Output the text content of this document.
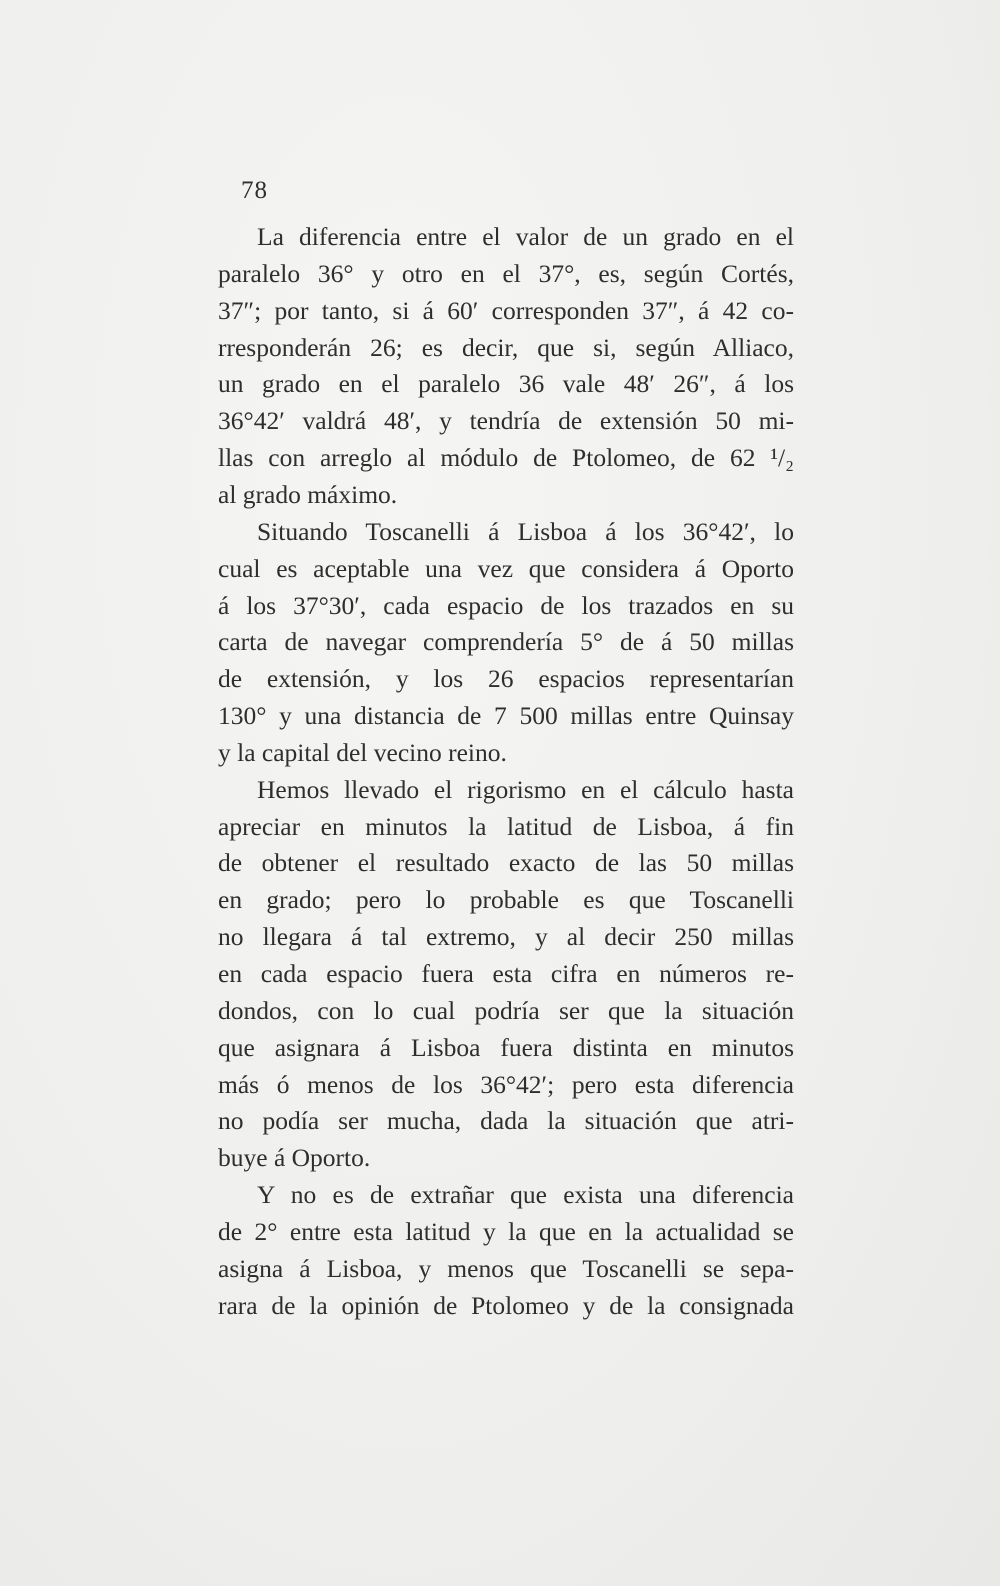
78
La diferencia entre el valor de un grado en el
paralelo 36° y otro en el 37°, es, según Cortés,
37″; por tanto, si á 60′ corresponden 37″, á 42 co-
rresponderán 26; es decir, que si, según Alliaco,
un grado en el paralelo 36 vale 48′ 26″, á los
36°42′ valdrá 48′, y tendría de extensión 50 mi-
llas con arreglo al módulo de Ptolomeo, de 62 ¹/₂
al grado máximo.
Situando Toscanelli á Lisboa á los 36°42′, lo
cual es aceptable una vez que considera á Oporto
á los 37°30′, cada espacio de los trazados en su
carta de navegar comprendería 5° de á 50 millas
de extensión, y los 26 espacios representarían
130° y una distancia de 7 500 millas entre Quinsay
y la capital del vecino reino.
Hemos llevado el rigorismo en el cálculo hasta
apreciar en minutos la latitud de Lisboa, á fin
de obtener el resultado exacto de las 50 millas
en grado; pero lo probable es que Toscanelli
no llegara á tal extremo, y al decir 250 millas
en cada espacio fuera esta cifra en números re-
dondos, con lo cual podría ser que la situación
que asignara á Lisboa fuera distinta en minutos
más ó menos de los 36°42′; pero esta diferencia
no podía ser mucha, dada la situación que atri-
buye á Oporto.
Y no es de extrañar que exista una diferencia
de 2° entre esta latitud y la que en la actualidad se
asigna á Lisboa, y menos que Toscanelli se sepa-
rara de la opinión de Ptolomeo y de la consignada
